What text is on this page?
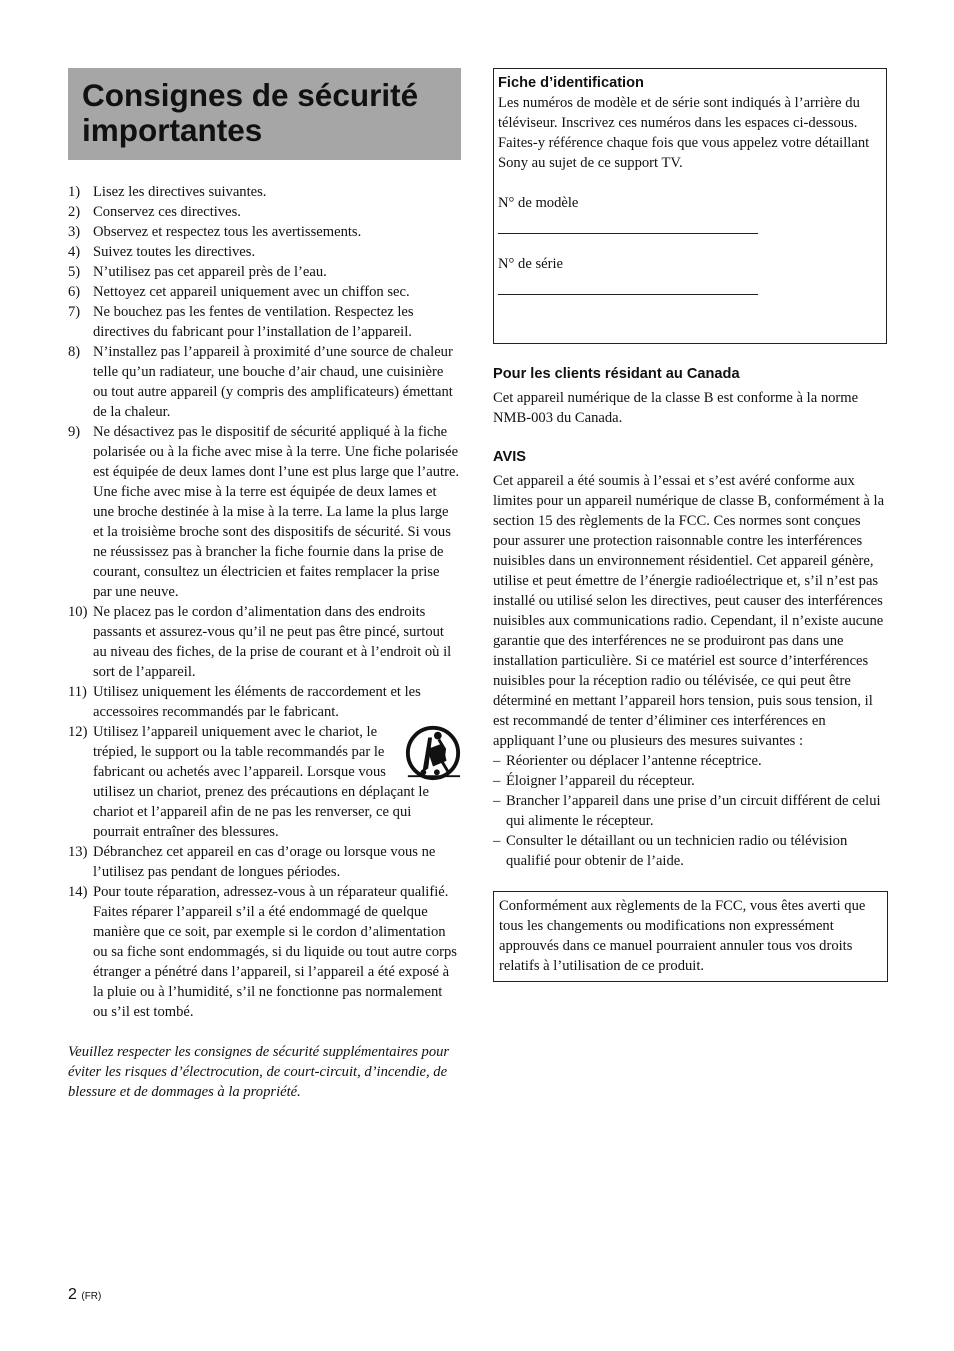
Consignes de sécurité
importantes
1) Lisez les directives suivantes.
2) Conservez ces directives.
3) Observez et respectez tous les avertissements.
4) Suivez toutes les directives.
5) N’utilisez pas cet appareil près de l’eau.
6) Nettoyez cet appareil uniquement avec un chiffon sec.
7) Ne bouchez pas les fentes de ventilation. Respectez les directives du fabricant pour l’installation de l’appareil.
8) N’installez pas l’appareil à proximité d’une source de chaleur telle qu’un radiateur, une bouche d’air chaud, une cuisinière ou tout autre appareil (y compris des amplificateurs) émettant de la chaleur.
9) Ne désactivez pas le dispositif de sécurité appliqué à la fiche polarisée ou à la fiche avec mise à la terre. Une fiche polarisée est équipée de deux lames dont l’une est plus large que l’autre. Une fiche avec mise à la terre est équipée de deux lames et une broche destinée à la mise à la terre. La lame la plus large et la troisième broche sont des dispositifs de sécurité. Si vous ne réussissez pas à brancher la fiche fournie dans la prise de courant, consultez un électricien et faites remplacer la prise par une neuve.
10) Ne placez pas le cordon d’alimentation dans des endroits passants et assurez-vous qu’il ne peut pas être pincé, surtout au niveau des fiches, de la prise de courant et à l’endroit où il sort de l’appareil.
11) Utilisez uniquement les éléments de raccordement et les accessoires recommandés par le fabricant.
12) Utilisez l’appareil uniquement avec le chariot, le trépied, le support ou la table recommandés par le fabricant ou achetés avec l’appareil. Lorsque vous utilisez un chariot, prenez des précautions en déplaçant le chariot et l’appareil afin de ne pas les renverser, ce qui pourrait entraîner des blessures.
13) Débranchez cet appareil en cas d’orage ou lorsque vous ne l’utilisez pas pendant de longues périodes.
14) Pour toute réparation, adressez-vous à un réparateur qualifié. Faites réparer l’appareil s’il a été endommagé de quelque manière que ce soit, par exemple si le cordon d’alimentation ou sa fiche sont endommagés, si du liquide ou tout autre corps étranger a pénétré dans l’appareil, si l’appareil a été exposé à la pluie ou à l’humidité, s’il ne fonctionne pas normalement ou s’il est tombé.
Veuillez respecter les consignes de sécurité supplémentaires pour éviter les risques d’électrocution, de court-circuit, d’incendie, de blessure et de dommages à la propriété.
Fiche d’identification

Les numéros de modèle et de série sont indiqués à l’arrière du téléviseur. Inscrivez ces numéros dans les espaces ci-dessous.

Faites-y référence chaque fois que vous appelez votre détaillant Sony au sujet de ce support TV.

N° de modèle
N° de série
Pour les clients résidant au Canada

Cet appareil numérique de la classe B est conforme à la norme NMB-003 du Canada.

AVIS

Cet appareil a été soumis à l’essai et s’est avéré conforme aux limites pour un appareil numérique de classe B, conformément à la section 15 des règlements de la FCC. Ces normes sont conçues pour assurer une protection raisonnable contre les interférences nuisibles dans un environnement résidentiel. Cet appareil génère, utilise et peut émettre de l’énergie radioélectrique et, s’il n’est pas installé ou utilisé selon les directives, peut causer des interférences nuisibles aux communications radio. Cependant, il n’existe aucune garantie que des interférences ne se produiront pas dans une installation particulière. Si ce matériel est source d’interférences nuisibles pour la réception radio ou télévisée, ce qui peut être déterminé en mettant l’appareil hors tension, puis sous tension, il est recommandé de tenter d’éliminer ces interférences en appliquant l’une ou plusieurs des mesures suivantes :

– Réorienter ou déplacer l’antenne réceptrice.
– Éloigner l’appareil du récepteur.
– Brancher l’appareil dans une prise d’un circuit différent de celui qui alimente le récepteur.
– Consulter le détaillant ou un technicien radio ou télévision qualifié pour obtenir de l’aide.
Conformément aux règlements de la FCC, vous êtes averti que tous les changements ou modifications non expressément approuvés dans ce manuel pourraient annuler tous vos droits relatifs à l’utilisation de ce produit.
2 (FR)
